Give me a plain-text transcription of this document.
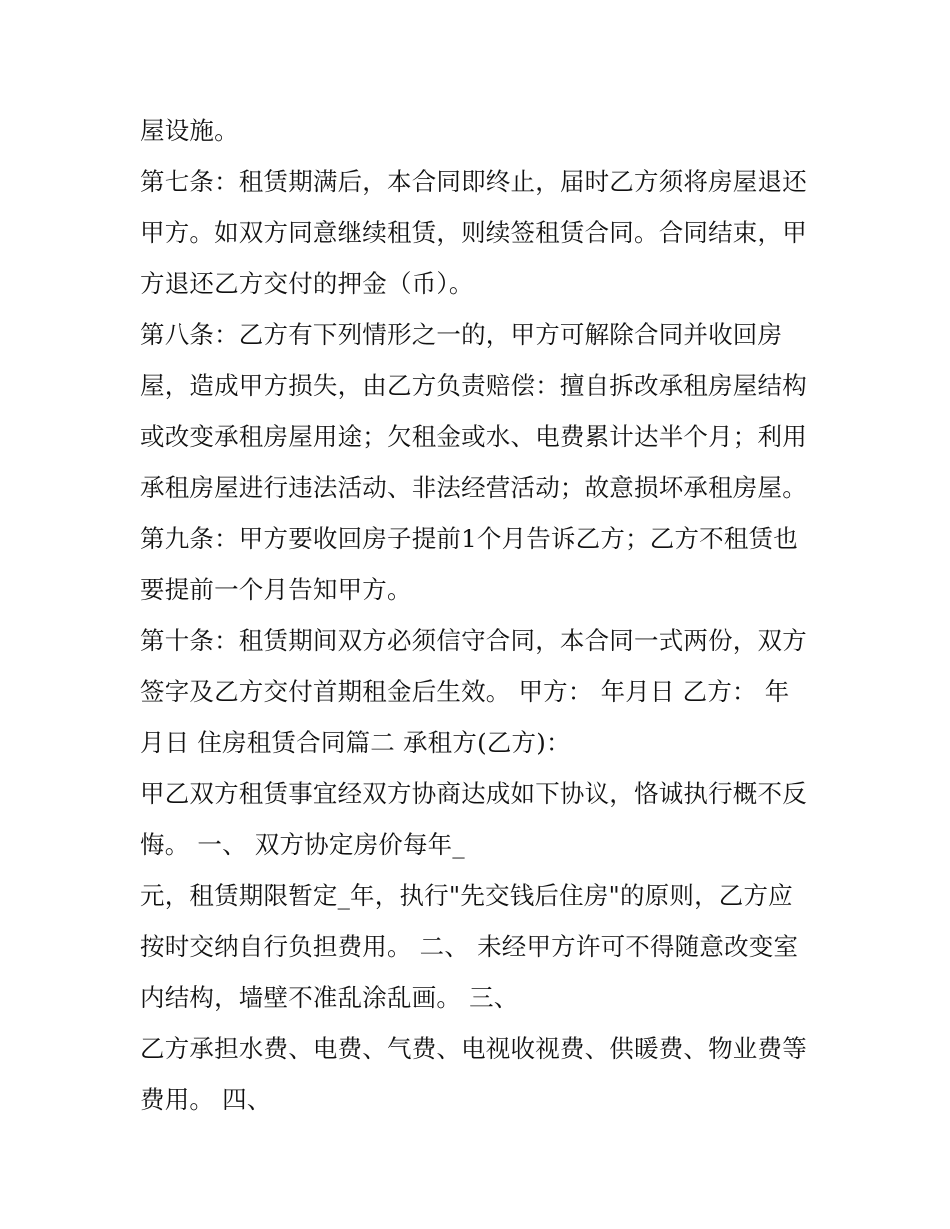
屋设施。
第七条：租赁期满后，本合同即终止，届时乙方须将房屋退还
甲方。如双方同意继续租赁，则续签租赁合同。合同结束，甲
方退还乙方交付的押金（币）。
第八条：乙方有下列情形之一的，甲方可解除合同并收回房
屋，造成甲方损失，由乙方负责赔偿：擅自拆改承租房屋结构
或改变承租房屋用途；欠租金或水、电费累计达半个月；利用
承租房屋进行违法活动、非法经营活动；故意损坏承租房屋。
第九条：甲方要收回房子提前1个月告诉乙方；乙方不租赁也
要提前一个月告知甲方。
第十条：租赁期间双方必须信守合同，本合同一式两份，双方
签字及乙方交付首期租金后生效。 甲方： 年月日 乙方： 年
月日 住房租赁合同篇二 承租方(乙方)：
甲乙双方租赁事宜经双方协商达成如下协议，恪诚执行概不反
悔。 一、 双方协定房价每年_
元，租赁期限暂定_年，执行"先交钱后住房"的原则，乙方应
按时交纳自行负担费用。 二、 未经甲方许可不得随意改变室
内结构，墙壁不准乱涂乱画。 三、
乙方承担水费、电费、气费、电视收视费、供暖费、物业费等
费用。 四、
